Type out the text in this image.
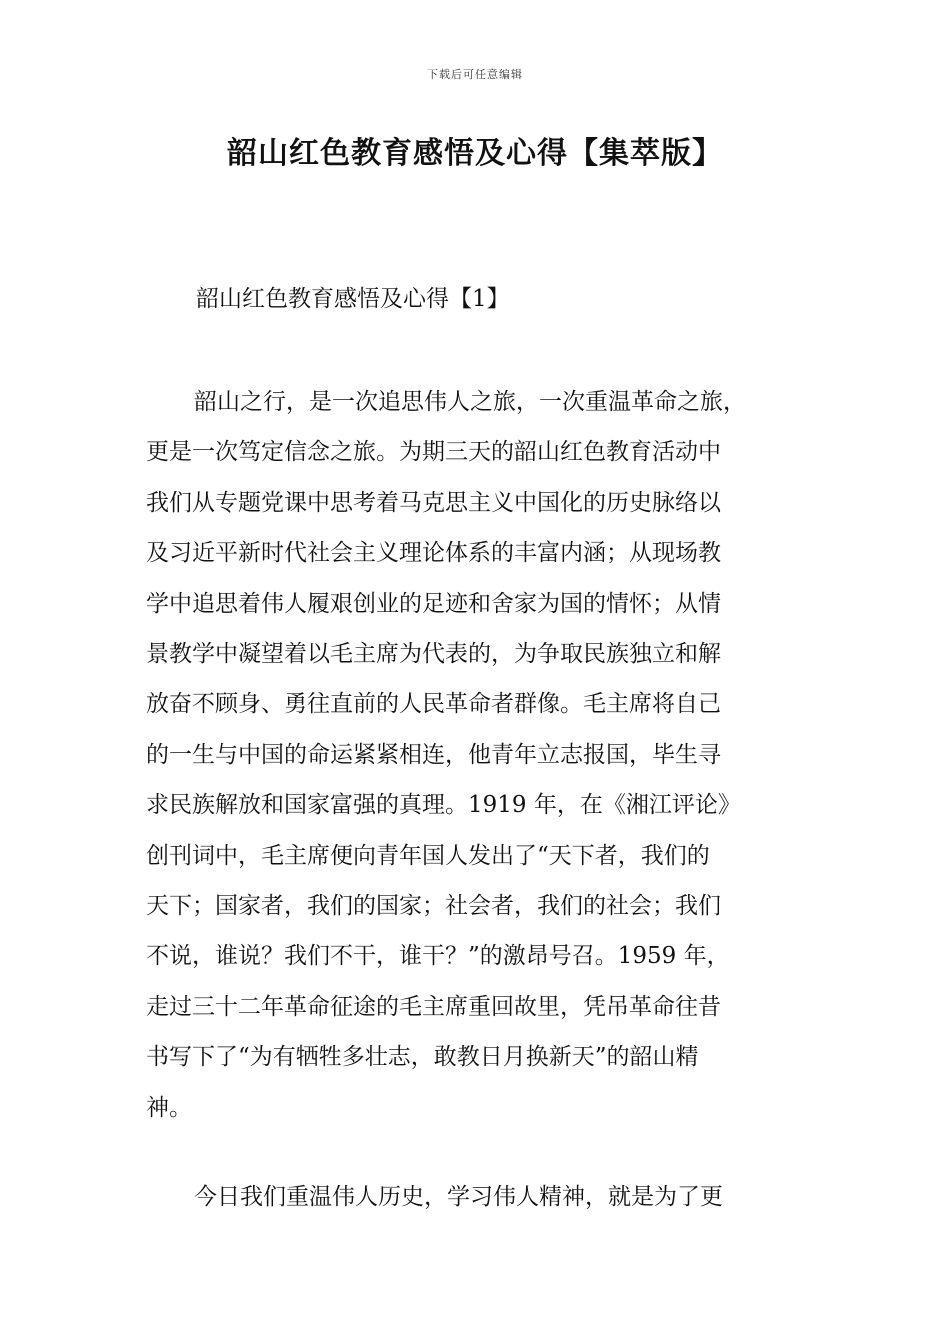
下载后可任意编辑
韶山红色教育感悟及心得【集萃版】
韶山红色教育感悟及心得【1】
韶山之行，是一次追思伟人之旅，一次重温革命之旅，
更是一次笃定信念之旅。为期三天的韶山红色教育活动中
我们从专题党课中思考着马克思主义中国化的历史脉络以
及习近平新时代社会主义理论体系的丰富内涵；从现场教
学中追思着伟人履艰创业的足迹和舍家为国的情怀；从情
景教学中凝望着以毛主席为代表的，为争取民族独立和解
放奋不顾身、勇往直前的人民革命者群像。毛主席将自己
的一生与中国的命运紧紧相连，他青年立志报国，毕生寻
求民族解放和国家富强的真理。1919 年，在《湘江评论》
创刊词中，毛主席便向青年国人发出了“天下者，我们的
天下；国家者，我们的国家；社会者，我们的社会；我们
不说，谁说？我们不干，谁干？”的激昂号召。1959 年，
走过三十二年革命征途的毛主席重回故里，凭吊革命往昔
书写下了“为有牺牲多壮志，敢教日月换新天”的韶山精
神。
今日我们重温伟人历史，学习伟人精神，就是为了更
